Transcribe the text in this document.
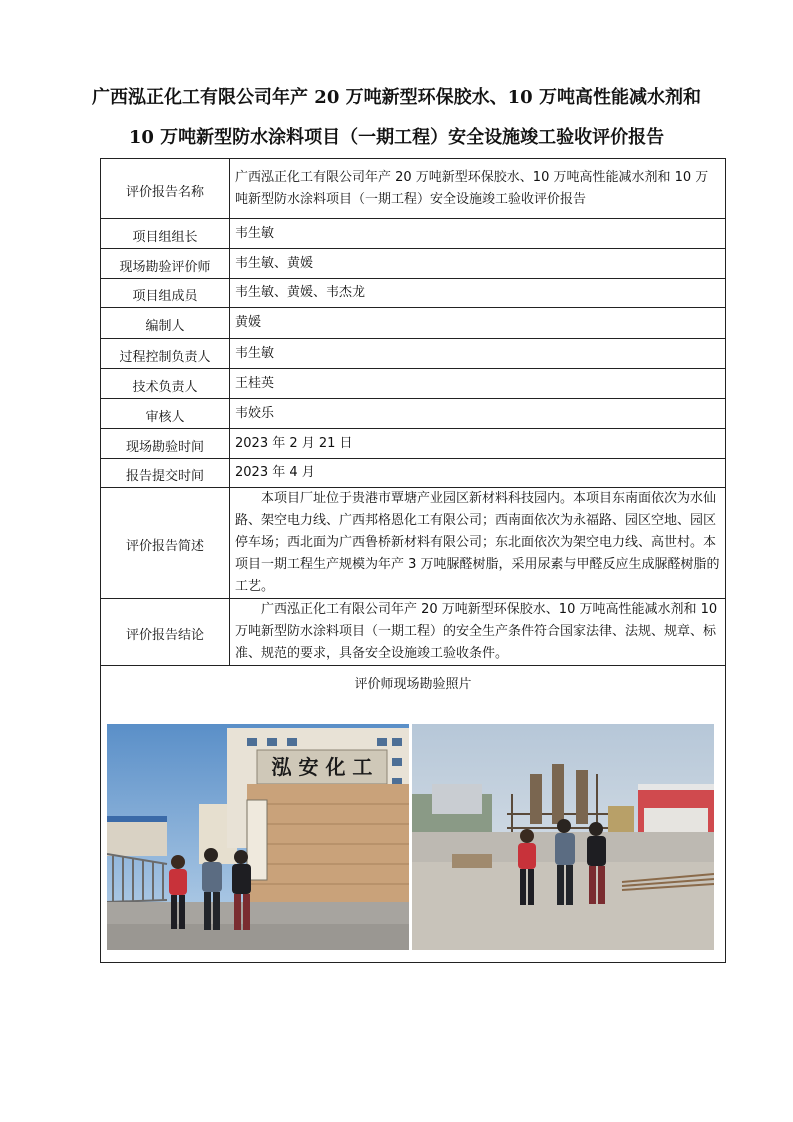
广西泓正化工有限公司年产 20 万吨新型环保胶水、10 万吨高性能减水剂和
10 万吨新型防水涂料项目（一期工程）安全设施竣工验收评价报告
评价报告名称	广西泓正化工有限公司年产 20 万吨新型环保胶水、10 万吨高性能减水剂和 10 万吨新型防水涂料项目（一期工程）安全设施竣工验收评价报告
项目组组长	韦生敏
现场勘验评价师	韦生敏、黄媛
项目组成员	韦生敏、黄媛、韦杰龙
编制人	黄媛
过程控制负责人	韦生敏
技术负责人	王桂英
审核人	韦姣乐
现场勘验时间	2023 年 2 月 21 日
报告提交时间	2023 年 4 月
评价报告简述	本项目厂址位于贵港市覃塘产业园区新材料科技园内。本项目东南面依次为水仙路、架空电力线、广西邦格恩化工有限公司；西南面依次为永福路、园区空地、园区停车场；西北面为广西鲁桥新材料有限公司；东北面依次为架空电力线、高世村。本项目一期工程生产规模为年产 3 万吨脲醛树脂，采用尿素与甲醛反应生成脲醛树脂的工艺。
评价报告结论	广西泓正化工有限公司年产 20 万吨新型环保胶水、10 万吨高性能减水剂和 10 万吨新型防水涂料项目（一期工程）的安全生产条件符合国家法律、法规、规章、标准、规范的要求，具备安全设施竣工验收条件。

评价师现场勘验照片
泓 安 化 工	
